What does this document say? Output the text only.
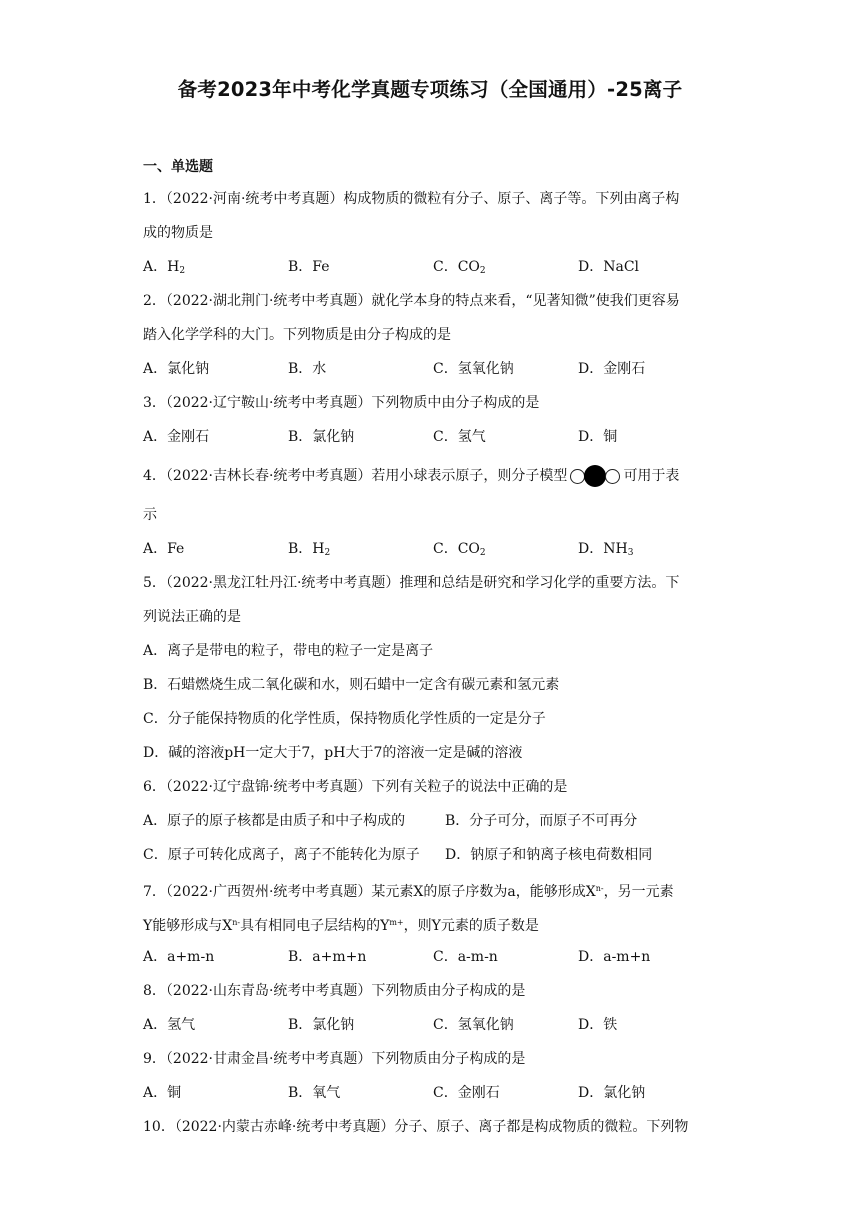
备考2023年中考化学真题专项练习（全国通用）-25离子
一、单选题
1．（2022·河南·统考中考真题）构成物质的微粒有分子、原子、离子等。下列由离子构
成的物质是
A．$H_2$	B．Fe	C．$CO_2$	D．NaCl
2．（2022·湖北荆门·统考中考真题）就化学本身的特点来看，“见著知微”使我们更容易
踏入化学学科的大门。下列物质是由分子构成的是
A．氯化钠	B．水	C．氢氧化钠	D．金刚石
3．（2022·辽宁鞍山·统考中考真题）下列物质中由分子构成的是
A．金刚石	B．氯化钠	C．氢气	D．铜
4．（2022·吉林长春·统考中考真题）若用小球表示原子，则分子模型	可用于表
示
A．Fe	B．$H_2$	C．$CO_2$	D．$NH_3$
5．（2022·黑龙江牡丹江·统考中考真题）推理和总结是研究和学习化学的重要方法。下
列说法正确的是
A．离子是带电的粒子，带电的粒子一定是离子
B．石蜡燃烧生成二氧化碳和水，则石蜡中一定含有碳元素和氢元素
C．分子能保持物质的化学性质，保持物质化学性质的一定是分子
D．碱的溶液pH一定大于7，pH大于7的溶液一定是碱的溶液
6．（2022·辽宁盘锦·统考中考真题）下列有关粒子的说法中正确的是
A．原子的原子核都是由质子和中子构成的	B．分子可分，而原子不可再分
C．原子可转化成离子，离子不能转化为原子 D．钠原子和钠离子核电荷数相同
7．（2022·广西贺州·统考中考真题）某元素X的原子序数为a，能够形成$X^{n-}$，另一元素
Y能够形成与$X^{n-}$具有相同电子层结构的$Y^{m+}$，则Y元素的质子数是
A．a+m-n	B．a+m+n	C．a-m-n	D．a-m+n
8．（2022·山东青岛·统考中考真题）下列物质由分子构成的是
A．氢气	B．氯化钠	C．氢氧化钠	D．铁
9．（2022·甘肃金昌·统考中考真题）下列物质由分子构成的是
A．铜	B．氧气	C．金刚石	D．氯化钠
10．（2022·内蒙古赤峰·统考中考真题）分子、原子、离子都是构成物质的微粒。下列物
